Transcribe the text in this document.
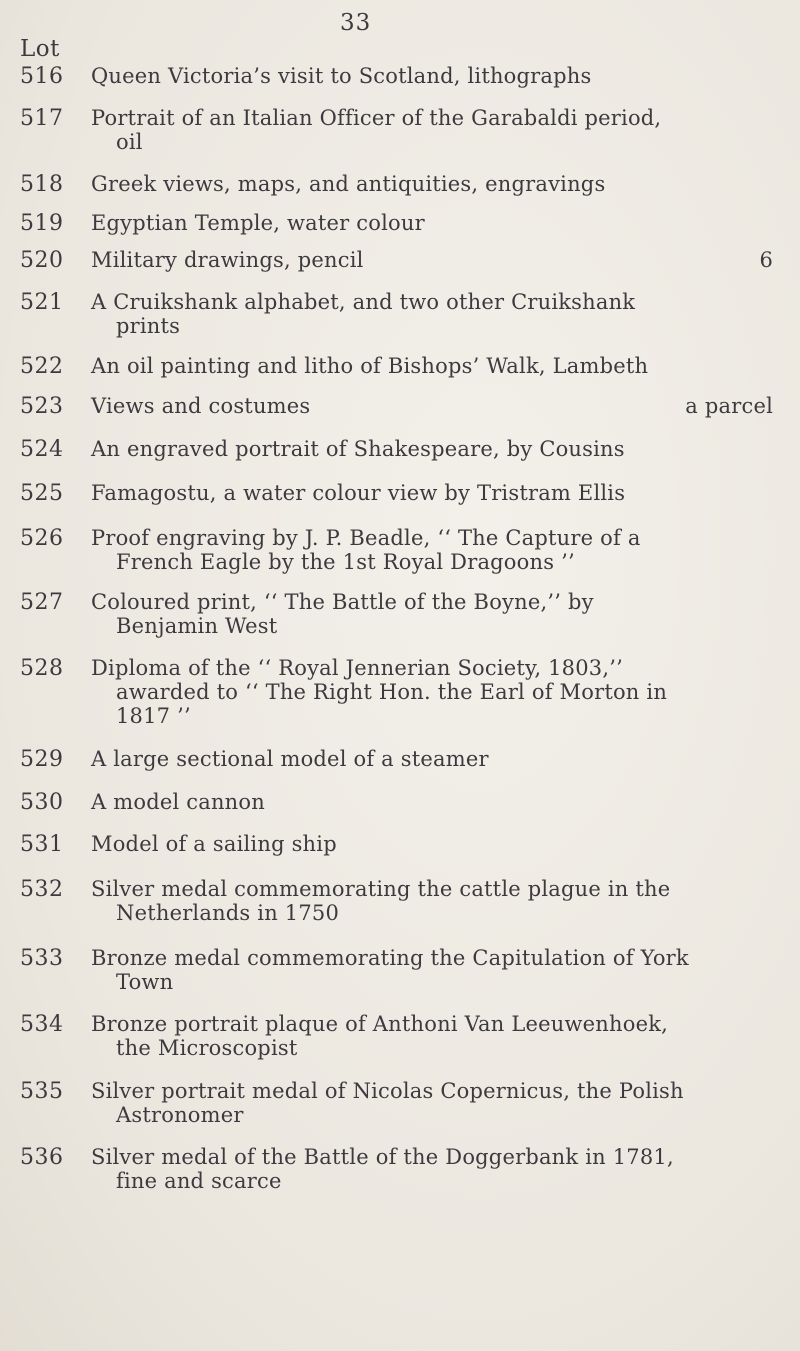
33
Lot
516 Queen Victoria’s visit to Scotland, lithographs
517 Portrait of an Italian Officer of the Garabaldi period,
oil
518 Greek views, maps, and antiquities, engravings
519 Egyptian Temple, water colour
520 Military drawings, pencil	6
521 A Cruikshank alphabet, and two other Cruikshank
prints
522 An oil painting and litho of Bishops’ Walk, Lambeth
523 Views and costumes	a parcel
524 An engraved portrait of Shakespeare, by Cousins
525 Famagostu, a water colour view by Tristram Ellis
526 Proof engraving by J. P. Beadle, ‘‘ The Capture of a
French Eagle by the 1st Royal Dragoons ’’
527 Coloured print, ‘‘ The Battle of the Boyne,’’ by
Benjamin West
528 Diploma of the ‘‘ Royal Jennerian Society, 1803,’’
awarded to ‘‘ The Right Hon. the Earl of Morton in
1817 ’’
529 A large sectional model of a steamer
530 A model cannon
531 Model of a sailing ship
532 Silver medal commemorating the cattle plague in the
Netherlands in 1750
533 Bronze medal commemorating the Capitulation of York
Town
534 Bronze portrait plaque of Anthoni Van Leeuwenhoek,
the Microscopist
535 Silver portrait medal of Nicolas Copernicus, the Polish
Astronomer
536 Silver medal of the Battle of the Doggerbank in 1781,
fine and scarce
